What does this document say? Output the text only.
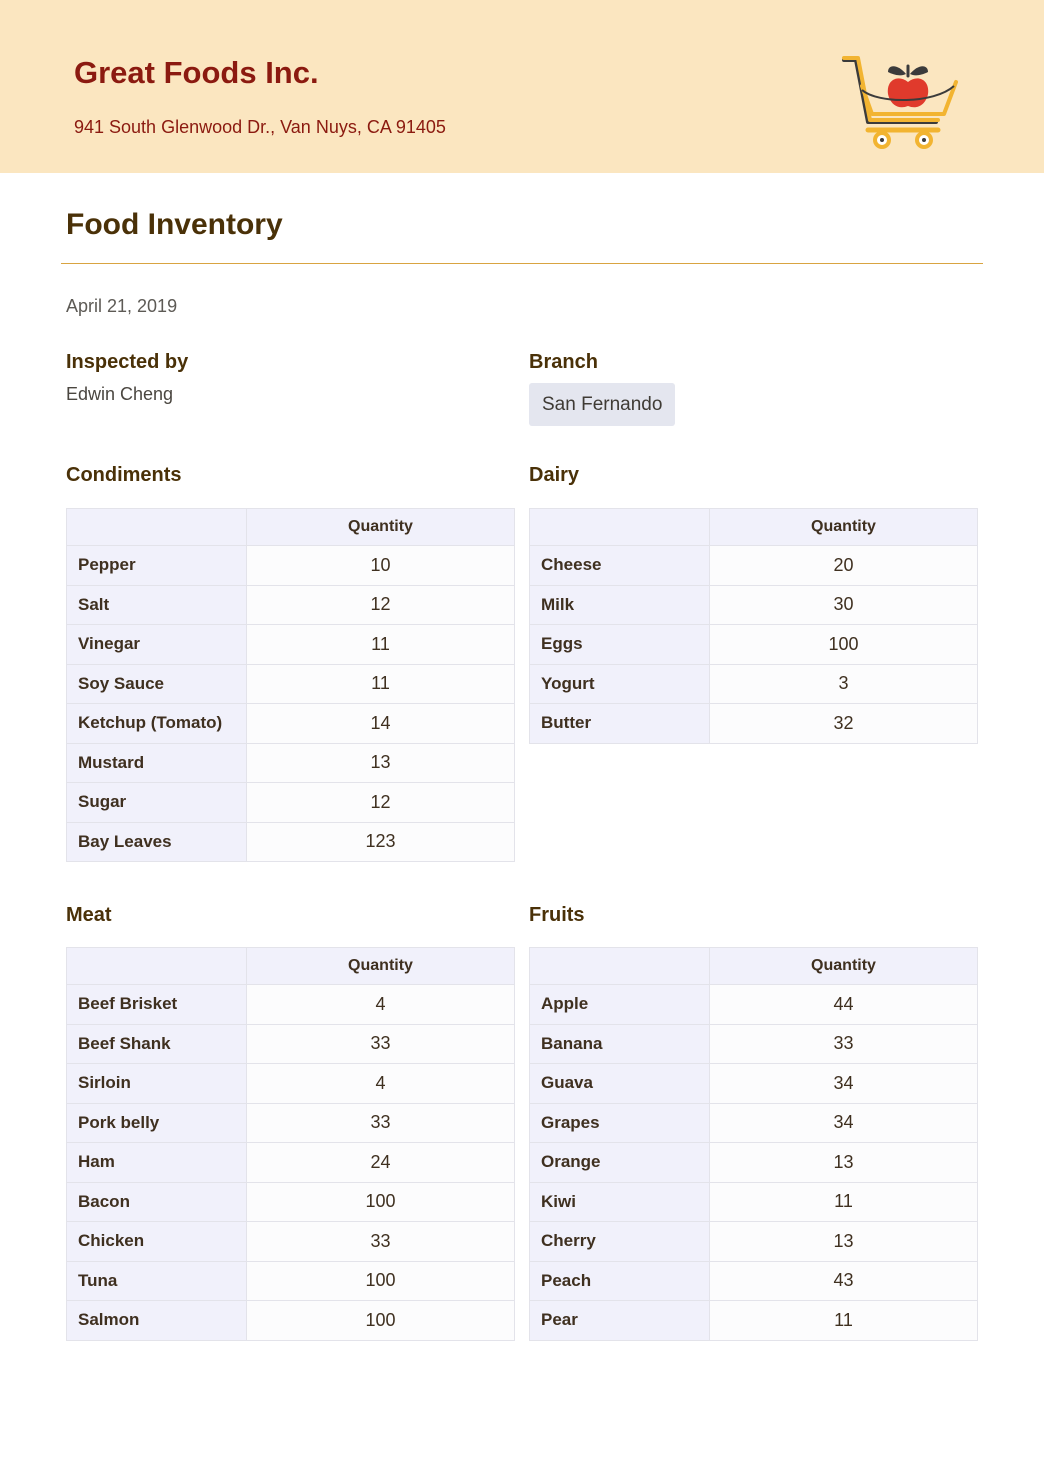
Great Foods Inc.
941 South Glenwood Dr., Van Nuys, CA 91405
Food Inventory
April 21, 2019
Inspected by
Edwin Cheng
Branch
San Fernando
Condiments
	Quantity
Pepper	10
Salt	12
Vinegar	11
Soy Sauce	11
Ketchup (Tomato)	14
Mustard	13
Sugar	12
Bay Leaves	123
Dairy
	Quantity
Cheese	20
Milk	30
Eggs	100
Yogurt	3
Butter	32
Meat
	Quantity
Beef Brisket	4
Beef Shank	33
Sirloin	4
Pork belly	33
Ham	24
Bacon	100
Chicken	33
Tuna	100
Salmon	100
Fruits
	Quantity
Apple	44
Banana	33
Guava	34
Grapes	34
Orange	13
Kiwi	11
Cherry	13
Peach	43
Pear	11
